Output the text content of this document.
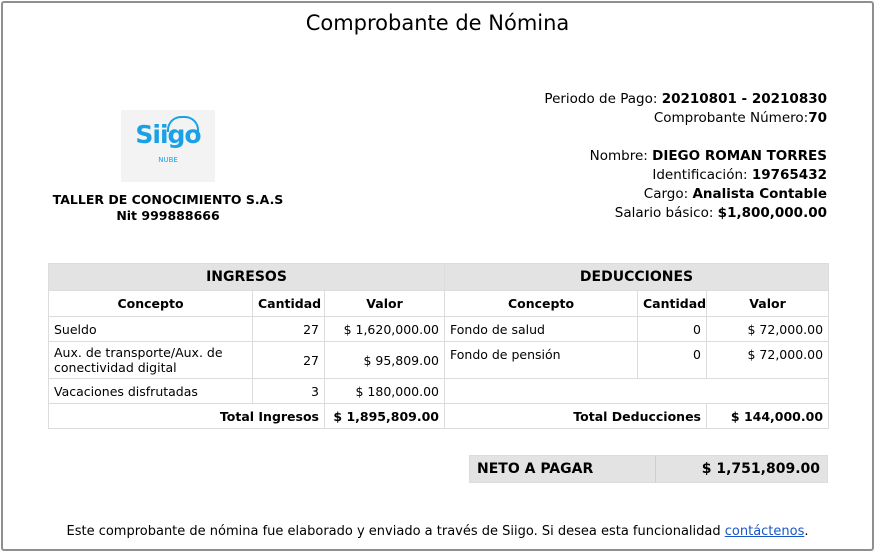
Comprobante de Nómina
Siigo
NUBE
TALLER DE CONOCIMIENTO S.A.S
Nit 999888666
Periodo de Pago: 20210801 - 20210830
Comprobante Número:70
Nombre: DIEGO ROMAN TORRES
Identificación: 19765432
Cargo: Analista Contable
Salario básico: $1,800,000.00
INGRESOS			DEDUCCIONES		
Concepto	Cantidad	Valor	Concepto	Cantidad	Valor
Sueldo	27	$ 1,620,000.00	Fondo de salud	0	$ 72,000.00
Aux. de transporte/Aux. de conectividad digital	27	$ 95,809.00	Fondo de pensión	0	$ 72,000.00
Vacaciones disfrutadas	3	$ 180,000.00			
Total Ingresos		$ 1,895,809.00	Total Deducciones		$ 144,000.00
NETO A PAGAR	$ 1,751,809.00
Este comprobante de nómina fue elaborado y enviado a través de Siigo. Si desea esta funcionalidad contáctenos.
